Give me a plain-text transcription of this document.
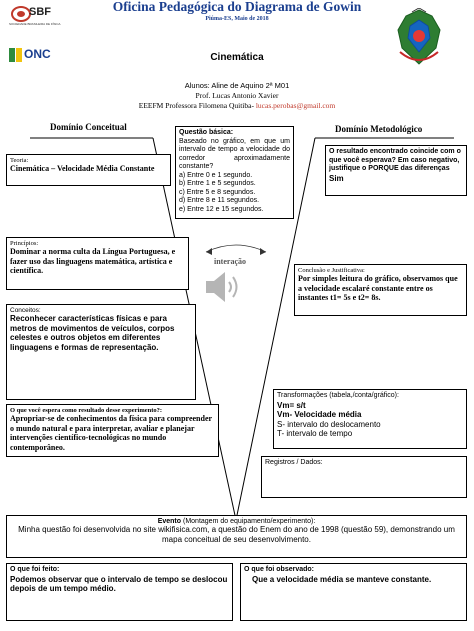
SBF
SOCIEDADE BRASILEIRA DE FÍSICA
ONC
Oficina Pedagógica do Diagrama de Gowin
Piúma-ES, Maio de 2018
Cinemática
Alunos: Aline de Aquino 2ª M01
Prof. Lucas Antonio Xavier
EEEFM Professora Filomena Quitiba- lucas.perobas@gmail.com
Domínio Conceitual	Domínio Metodológico
interação
Questão básica:
Baseado no gráfico, em que um intervalo de tempo a velocidade do corredor aproximadamente constante?
a) Entre 0 e 1 segundo.
b) Entre 1 e 5 segundos.
c) Entre 5 e 8 segundos.
d) Entre 8 e 11 segundos.
e) Entre 12 e 15 segundos.
Teoria:
Cinemática – Velocidade Média Constante
Princípios:
Dominar a norma culta da Língua Portuguesa, e fazer uso das linguagens matemática, artística e científica.
Conceitos:
Reconhecer características físicas e para metros de movimentos de veículos, corpos celestes e outros objetos em diferentes linguagens e formas de representação.
O que você espera como resultado desse experimento?:
Apropriar-se de conhecimentos da física para compreender o mundo natural e para interpretar, avaliar e planejar intervenções científico-tecnológicas no mundo contemporâneo.
O resultado encontrado coincide com o que você esperava? Em caso negativo, justifique o PORQUE das diferenças
Sim
Conclusão e Justificativa:
Por simples leitura do gráfico, observamos que a velocidade escalaré constante entre os instantes t1= 5s e t2= 8s.
Transformações (tabela,/conta/gráfico):
Vm= s/t
Vm- Velocidade média
S- intervalo do deslocamento
T- intervalo de tempo
Registros / Dados:
Evento (Montagem do equipamento/experimento):
Minha questão foi desenvolvida no site wikifisica.com, a questão do Enem do ano de 1998 (questão 59), demonstrando um mapa conceitual de seu desenvolvimento.
O que foi feito:
Podemos observar que o intervalo de tempo se deslocou depois de um tempo médio.
O que foi observado:
Que a velocidade média se manteve constante.
